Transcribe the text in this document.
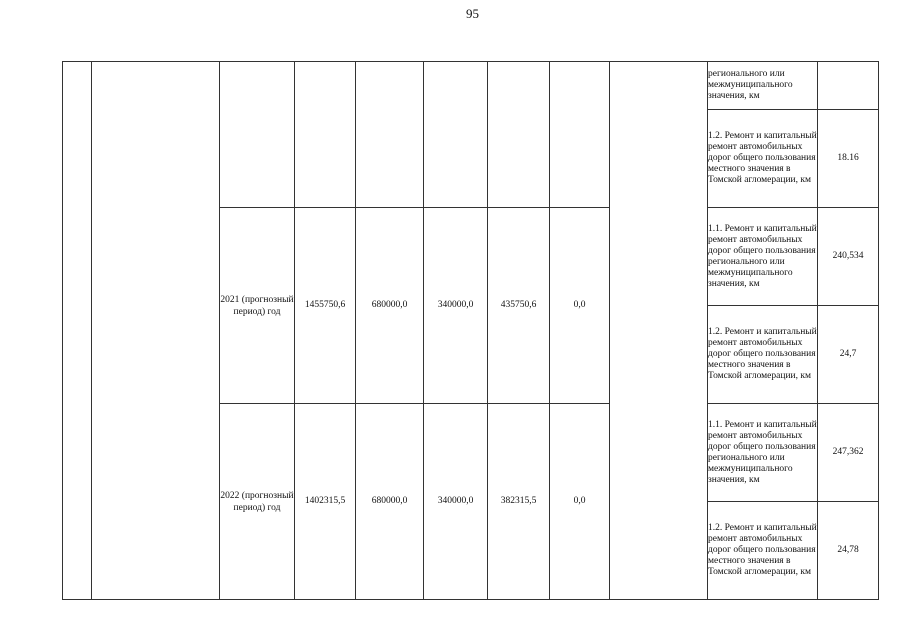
95
									регионального или межмуниципального значения, км	
									1.2. Ремонт и капитальный ремонт автомобильных дорог общего пользования местного значения в Томской агломерации, км	18.16
		2021 (прогнозный период) год	1455750,6	680000,0	340000,0	435750,6	0,0		1.1. Ремонт и капитальный ремонт автомобильных дорог общего пользования регионального или межмуниципального значения, км	240,534
									1.2. Ремонт и капитальный ремонт автомобильных дорог общего пользования местного значения в Томской агломерации, км	24,7
		2022 (прогнозный период) год	1402315,5	680000,0	340000,0	382315,5	0,0		1.1. Ремонт и капитальный ремонт автомобильных дорог общего пользования регионального или межмуниципального значения, км	247,362
									1.2. Ремонт и капитальный ремонт автомобильных дорог общего пользования местного значения в Томской агломерации, км	24,78
